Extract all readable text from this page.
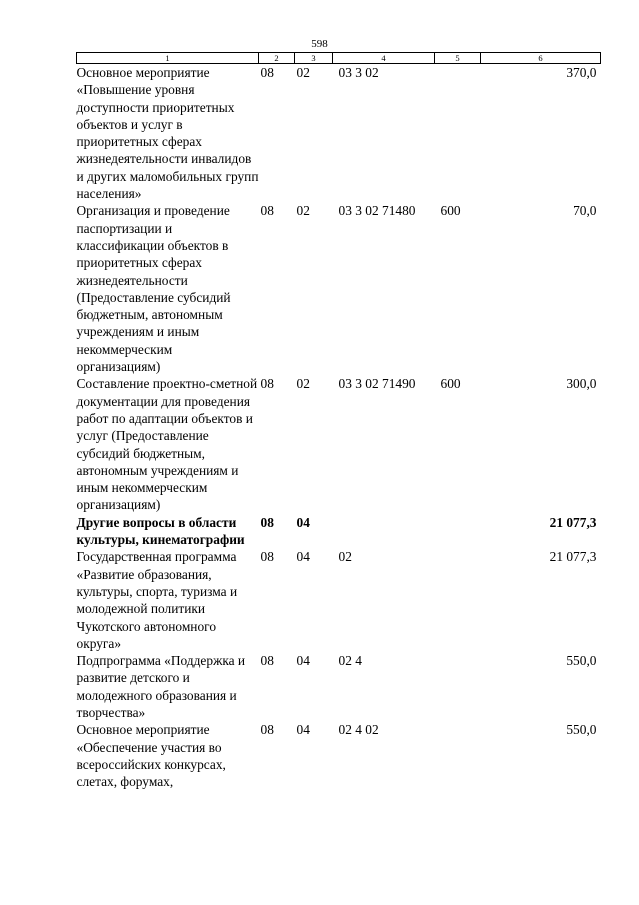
598
1	2	3	4	5	6
Основное мероприятие «Повышение уровня доступности приоритетных объектов и услуг в приоритетных сферах жизнедеятельности инвалидов и других маломобильных групп населения»	08	02	03 3 02		370,0
Организация и проведение паспортизации и классификации объектов в приоритетных сферах жизнедеятельности (Предоставление субсидий бюджетным, автономным учреждениям и иным некоммерческим организациям)	08	02	03 3 02 71480	600	70,0
Составление проектно-сметной документации для проведения работ по адаптации объектов и услуг (Предоставление субсидий бюджетным, автономным учреждениям и иным некоммерческим организациям)	08	02	03 3 02 71490	600	300,0
Другие вопросы в области культуры, кинематографии	08	04			21 077,3
Государственная программа «Развитие образования, культуры, спорта, туризма и молодежной политики Чукотского автономного округа»	08	04	02		21 077,3
Подпрограмма «Поддержка и развитие детского и молодежного образования и творчества»	08	04	02 4		550,0
Основное мероприятие «Обеспечение участия во всероссийских конкурсах, слетах, форумах,	08	04	02 4 02		550,0
